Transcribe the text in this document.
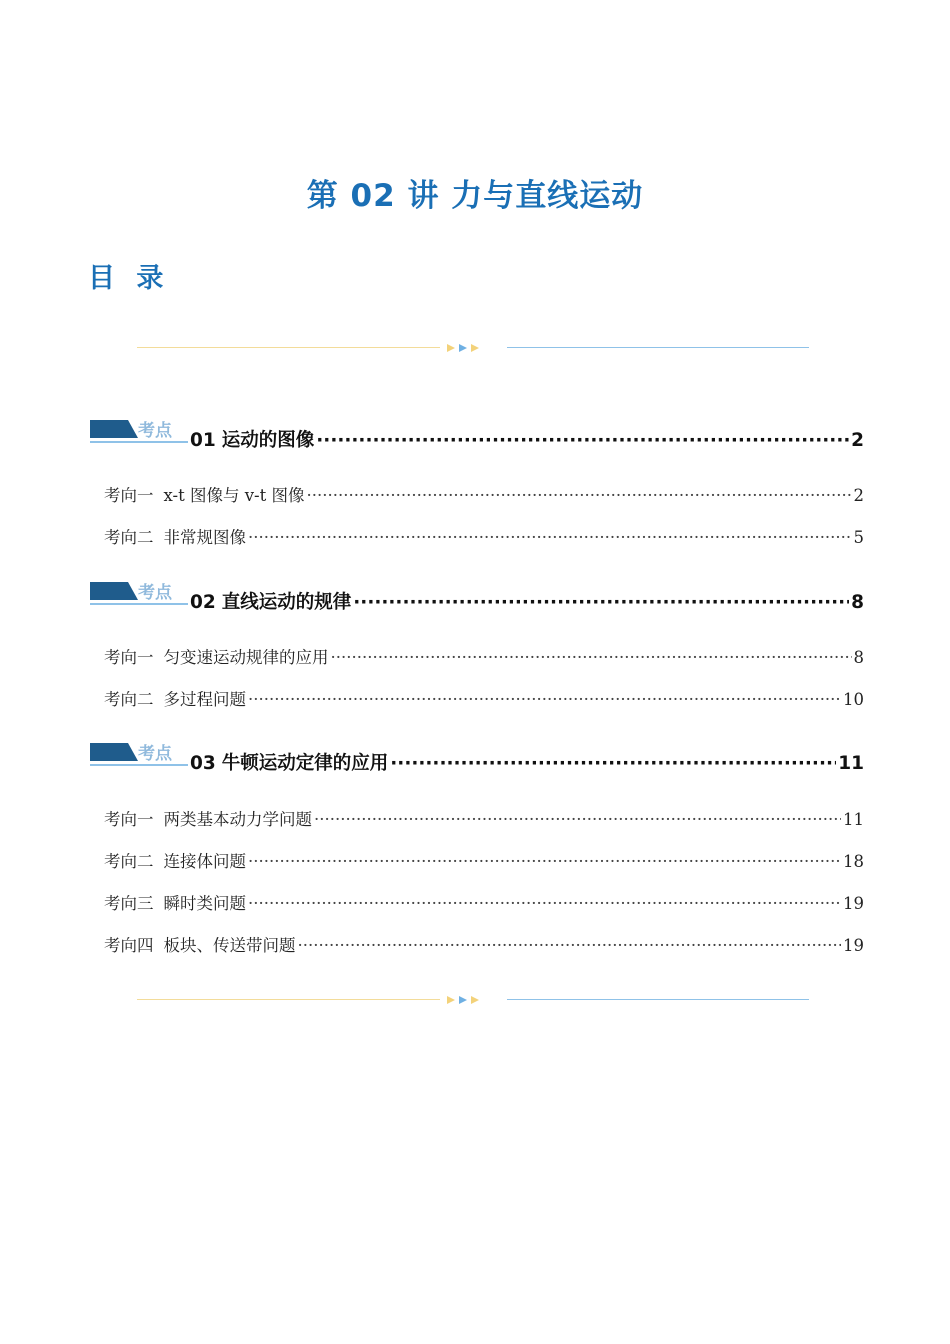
第 02 讲 力与直线运动
目 录
考点 01 运动的图像 ·····	2
考向一 x-t 图像与 v-t 图像 ·····	2
考向二 非常规图像 ·····	5
考点 02 直线运动的规律 ·····	8
考向一 匀变速运动规律的应用 ·····	8
考向二 多过程问题 ·····	10
考点 03 牛顿运动定律的应用 ·····	11
考向一 两类基本动力学问题 ·····	11
考向二 连接体问题 ·····	18
考向三 瞬时类问题 ·····	19
考向四 板块、传送带问题 ·····	19
